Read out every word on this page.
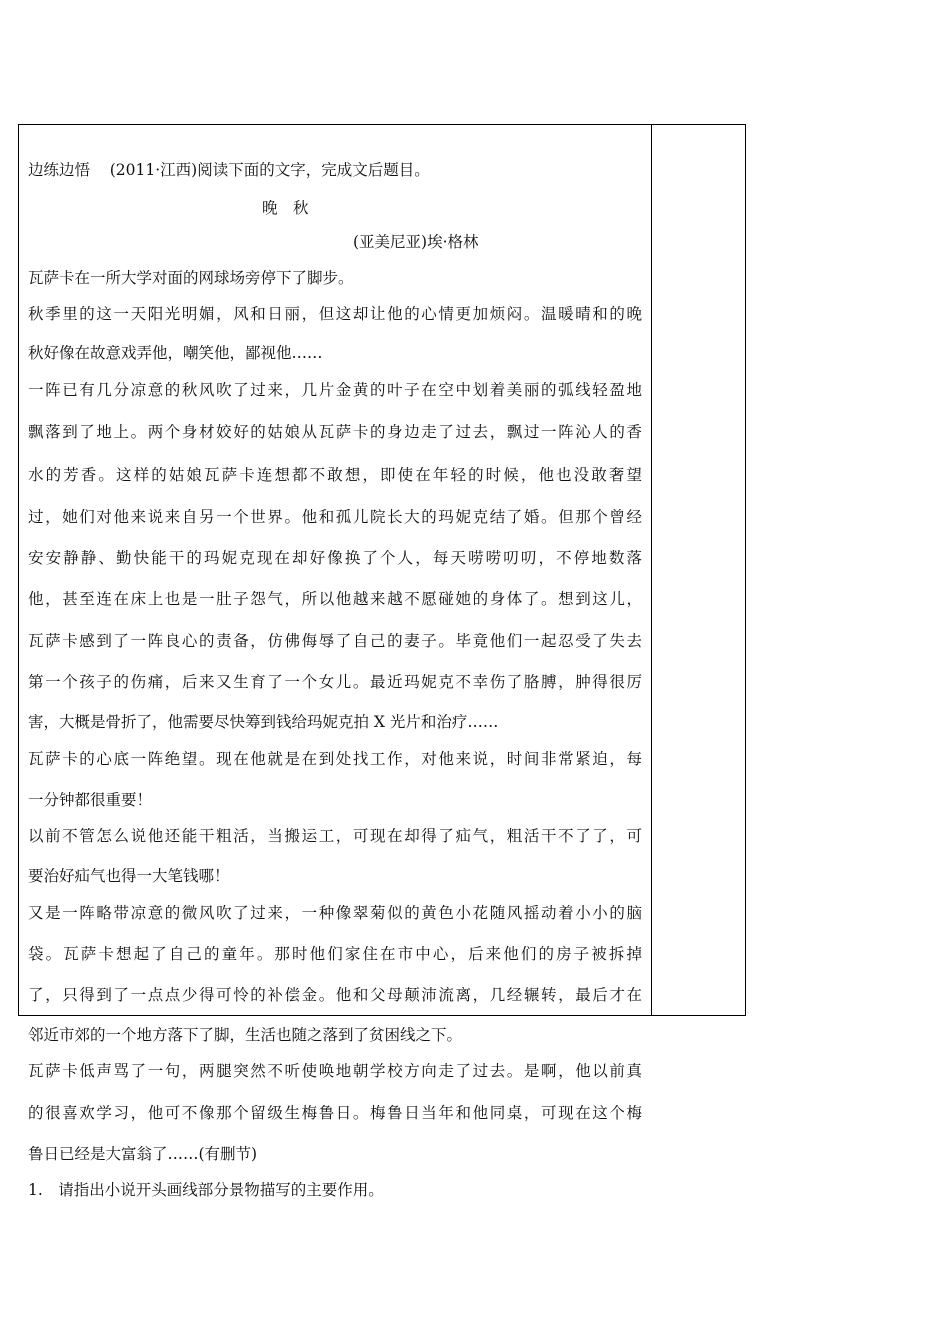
边练边悟 (2011·江西)阅读下面的文字，完成文后题目。
晚　秋
(亚美尼亚)埃·格林
瓦萨卡在一所大学对面的网球场旁停下了脚步。
秋季里的这一天阳光明媚，风和日丽，但这却让他的心情更加烦闷。温暖晴和的晚
秋好像在故意戏弄他，嘲笑他，鄙视他……
一阵已有几分凉意的秋风吹了过来，几片金黄的叶子在空中划着美丽的弧线轻盈地
飘落到了地上。两个身材姣好的姑娘从瓦萨卡的身边走了过去，飘过一阵沁人的香
水的芳香。这样的姑娘瓦萨卡连想都不敢想，即使在年轻的时候，他也没敢奢望
过，她们对他来说来自另一个世界。他和孤儿院长大的玛妮克结了婚。但那个曾经
安安静静、勤快能干的玛妮克现在却好像换了个人，每天唠唠叨叨，不停地数落
他，甚至连在床上也是一肚子怨气，所以他越来越不愿碰她的身体了。想到这儿，
瓦萨卡感到了一阵良心的责备，仿佛侮辱了自己的妻子。毕竟他们一起忍受了失去
第一个孩子的伤痛，后来又生育了一个女儿。最近玛妮克不幸伤了胳膊，肿得很厉
害，大概是骨折了，他需要尽快筹到钱给玛妮克拍 X 光片和治疗……
瓦萨卡的心底一阵绝望。现在他就是在到处找工作，对他来说，时间非常紧迫，每
一分钟都很重要！
以前不管怎么说他还能干粗活，当搬运工，可现在却得了疝气，粗活干不了了，可
要治好疝气也得一大笔钱哪！
又是一阵略带凉意的微风吹了过来，一种像翠菊似的黄色小花随风摇动着小小的脑
袋。瓦萨卡想起了自己的童年。那时他们家住在市中心，后来他们的房子被拆掉
了，只得到了一点点少得可怜的补偿金。他和父母颠沛流离，几经辗转，最后才在
邻近市郊的一个地方落下了脚，生活也随之落到了贫困线之下。
瓦萨卡低声骂了一句，两腿突然不听使唤地朝学校方向走了过去。是啊，他以前真
的很喜欢学习，他可不像那个留级生梅鲁日。梅鲁日当年和他同桌，可现在这个梅
鲁日已经是大富翁了……(有删节)
1.　请指出小说开头画线部分景物描写的主要作用。
